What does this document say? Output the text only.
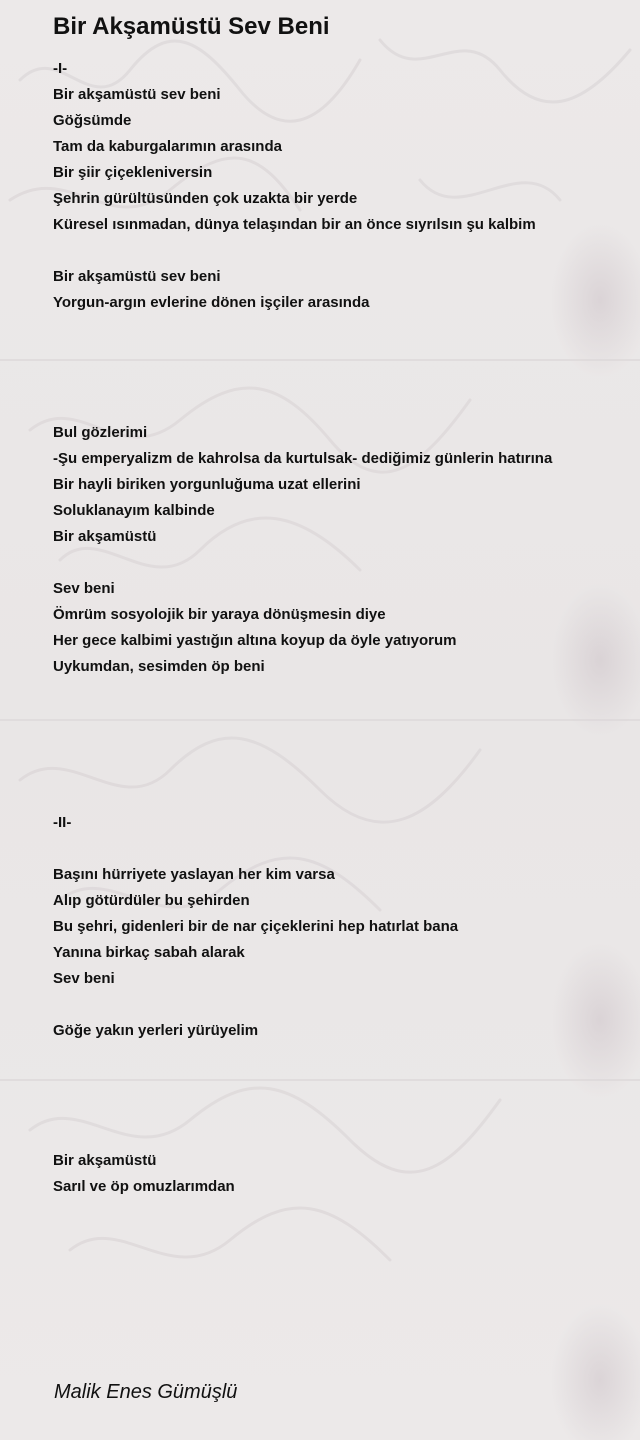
Bir Akşamüstü Sev Beni
-I-
Bir akşamüstü sev beni
Göğsümde
Tam da kaburgalarımın arasında
Bir şiir çiçekleniversin
Şehrin gürültüsünden çok uzakta bir yerde
Küresel ısınmadan, dünya telaşından bir an önce sıyrılsın şu kalbim
Bir akşamüstü sev beni
Yorgun-argın evlerine dönen işçiler arasında
Bul gözlerimi
-Şu emperyalizm de kahrolsa da kurtulsak- dediğimiz günlerin hatırına
Bir hayli biriken yorgunluğuma uzat ellerini
Soluklanayım kalbinde
Bir akşamüstü
Sev beni
Ömrüm sosyolojik bir yaraya dönüşmesin diye
Her gece kalbimi yastığın altına koyup da öyle yatıyorum
Uykumdan, sesimden öp beni
-II-
Başını hürriyete yaslayan her kim varsa
Alıp götürdüler bu şehirden
Bu şehri, gidenleri bir de nar çiçeklerini hep hatırlat bana
Yanına birkaç sabah alarak
Sev beni
Göğe yakın yerleri yürüyelim
Bir akşamüstü
Sarıl ve öp omuzlarımdan
Malik Enes Gümüşlü
